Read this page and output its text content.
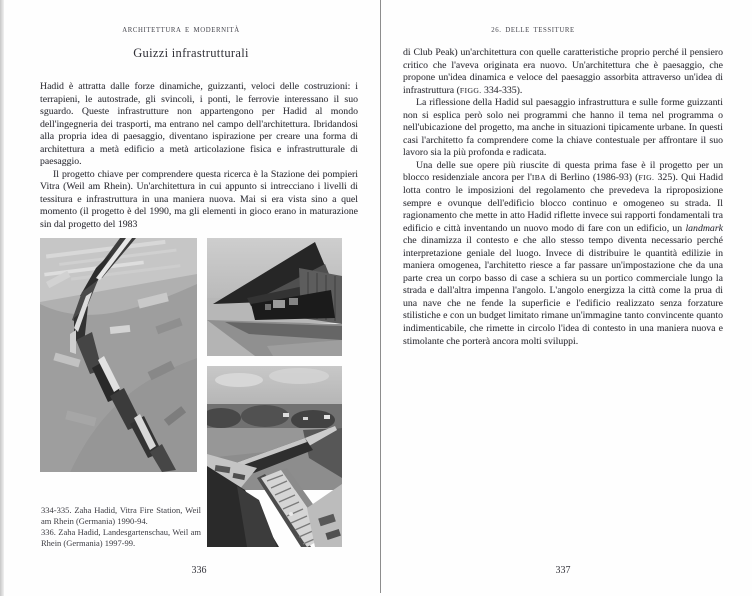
ARCHITETTURA E MODERNITÀ
Guizzi infrastrutturali

Hadid è attratta dalle forze dinamiche, guizzanti, veloci delle costruzioni: i terrapieni, le autostrade, gli svincoli, i ponti, le ferrovie interessano il suo sguardo. Queste infrastrutture non appartengono per Hadid al mondo dell'ingegneria dei trasporti, ma entrano nel campo dell'architettura. Ibridandosi alla propria idea di paesaggio, diventano ispirazione per creare una forma di architettura a metà edificio a metà articolazione fisica e infrastrutturale di paesaggio.

Il progetto chiave per comprendere questa ricerca è la Stazione dei pompieri Vitra (Weil am Rhein). Un'architettura in cui appunto si intrecciano i livelli di tessitura e infrastruttura in una maniera nuova. Mai si era vista sino a quel momento (il progetto è del 1990, ma gli elementi in gioco erano in maturazione sin dal progetto del 1983

334-335. Zaha Hadid, Vitra Fire Station, Weil am Rhein (Germania) 1990-94.

336. Zaha Hadid, Landesgartenschau, Weil am Rhein (Germania) 1997-99.

336
26. DELLE TESSITURE

di Club Peak) un'architettura con quelle caratteristiche proprio perché il pensiero critico che l'aveva originata era nuovo. Un'architettura che è paesaggio, che propone un'idea dinamica e veloce del paesaggio assorbita attraverso un'idea di infrastruttura (FIGG. 334-335).

La riflessione della Hadid sul paesaggio infrastruttura e sulle forme guizzanti non si esplica però solo nei programmi che hanno il tema nel programma o nell'ubicazione del progetto, ma anche in situazioni tipicamente urbane. In questi casi l'architetto fa comprendere come la chiave contestuale per affrontare il suo lavoro sia la più profonda e radicata.

Una delle sue opere più riuscite di questa prima fase è il progetto per un blocco residenziale ancora per l'IBA di Berlino (1986-93) (FIG. 325). Qui Hadid lotta contro le imposizioni del regolamento che prevedeva la riproposizione sempre e ovunque dell'edificio blocco continuo e omogeneo su strada. Il ragionamento che mette in atto Hadid riflette invece sui rapporti fondamentali tra edificio e città inventando un nuovo modo di fare con un edificio, un landmark che dinamizza il contesto e che allo stesso tempo diventa necessario perché interpretazione geniale del luogo. Invece di distribuire le quantità edilizie in maniera omogenea, l'architetto riesce a far passare un'impostazione che da una parte crea un corpo basso di case a schiera su un portico commerciale lungo la strada e dall'altra impenna l'angolo. L'angolo energizza la città come la prua di una nave che ne fende la superficie e l'edificio realizzato senza forzature stilistiche e con un budget limitato rimane un'immagine tanto convincente quanto indimenticabile, che rimette in circolo l'idea di contesto in una maniera nuova e stimolante che porterà ancora molti sviluppi.

337
